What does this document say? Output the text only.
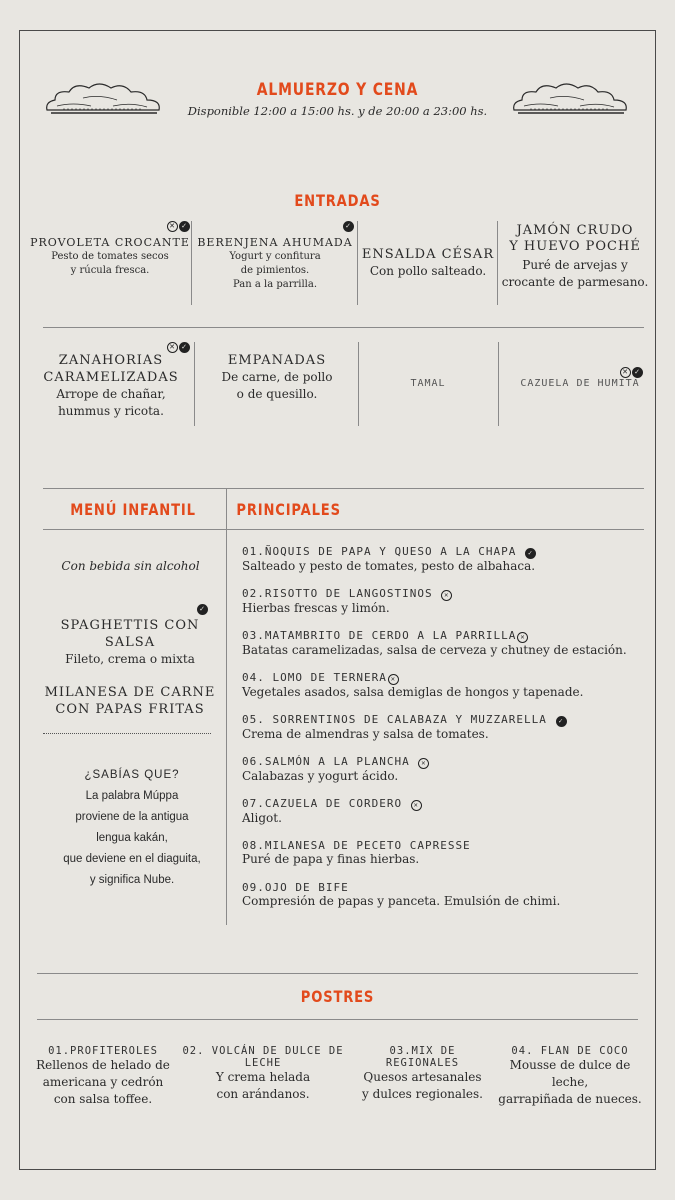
ALMUERZO Y CENA
Disponible 12:00 a 15:00 hs. y de 20:00 a 23:00 hs.
ENTRADAS
PROVOLETA CROCANTE
Pesto de tomates secos
y rúcula fresca.
✕ ✓
BERENJENA AHUMADA
Yogurt y confitura
de pimientos.
Pan a la parrilla.
✓
ENSALDA CÉSAR
Con pollo salteado.
JAMÓN CRUDO
Y HUEVO POCHÉ
Puré de arvejas y
crocante de parmesano.
ZANAHORIAS
CARAMELIZADAS
Arrope de chañar,
hummus y ricota.
✕ ✓
EMPANADAS
De carne, de pollo
o de quesillo.
TAMAL	CAZUELA DE HUMITA
✕ ✓
MENÚ INFANTIL	PRINCIPALES
Con bebida sin alcohol
SPAGHETTIS CON SALSA
Fileto, crema o mixta
✓
MILANESA DE CARNE
CON PAPAS FRITAS
¿SABÍAS QUE?
La palabra Múppa
proviene de la antigua
lengua kakán,
que deviene en el diaguita,
y significa Nube.
01.ÑOQUIS DE PAPA Y QUESO A LA CHAPA ✓
Salteado y pesto de tomates, pesto de albahaca.
02.RISOTTO DE LANGOSTINOS ✕
Hierbas frescas y limón.
03.MATAMBRITO DE CERDO A LA PARRILLA ✕
Batatas caramelizadas, salsa de cerveza y chutney de estación.
04. LOMO DE TERNERA ✕
Vegetales asados, salsa demiglas de hongos y tapenade.
05. SORRENTINOS DE CALABAZA Y MUZZARELLA ✓
Crema de almendras y salsa de tomates.
06.SALMÓN A LA PLANCHA ✕
Calabazas y yogurt ácido.
07.CAZUELA DE CORDERO ✕
Aligot.
08.MILANESA DE PECETO CAPRESSE
Puré de papa y finas hierbas.
09.OJO DE BIFE
Compresión de papas y panceta. Emulsión de chimi.
POSTRES
01.PROFITEROLES
Rellenos de helado de
americana y cedrón
con salsa toffee.
02. VOLCÁN DE DULCE DE LECHE
Y crema helada
con arándanos.
03.MIX DE REGIONALES
Quesos artesanales
y dulces regionales.
04. FLAN DE COCO
Mousse de dulce de leche,
garrapiñada de nueces.
